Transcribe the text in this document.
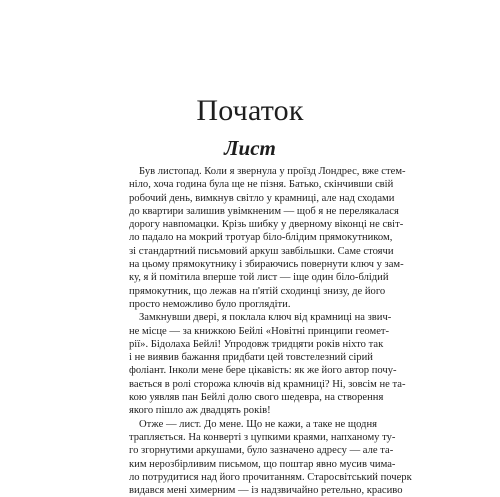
Початок
Лист
Був листопад. Коли я звернула у проїзд Лондрес, вже стем-
ніло, хоча година була ще не пізня. Батько, скінчивши свій
робочий день, вимкнув світло у крамниці, але над сходами
до квартири залишив увімкненим — щоб я не перелякалася
дорогу навпомацки. Крізь шибку у дверному віконці не світ-
ло падало на мокрий тротуар біло-блідим прямокутником,
зі стандартний письмовий аркуш завбільшки. Саме стоячи
на цьому прямокутнику і збираючись повернути ключ у зам-
ку, я й помітила вперше той лист — іще один біло-блідий
прямокутник, що лежав на п'ятій сходинці знизу, де його
просто неможливо було проглядіти.
Замкнувши двері, я поклала ключ від крамниці на звич-
не місце — за книжкою Бейлі «Новітні принципи геомет-
рії». Бідолаха Бейлі! Упродовж тридцяти років ніхто так
і не виявив бажання придбати цей товстелезний сірий
фоліант. Інколи мене бере цікавість: як же його автор почу-
вається в ролі сторожа ключів від крамниці? Ні, зовсім не та-
кою уявляв пан Бейлі долю свого шедевра, на створення
якого пішло аж двадцять років!
Отже — лист. До мене. Що не кажи, а таке не щодня
трапляється. На конверті з цупкими краями, напханому ту-
го згорнутими аркушами, було зазначено адресу — але та-
ким нерозбірливим письмом, що поштар явно мусив чима-
ло потрудитися над його прочитанням. Старосвітський почерк
видався мені химерним — із надзвичайно ретельно, красиво
